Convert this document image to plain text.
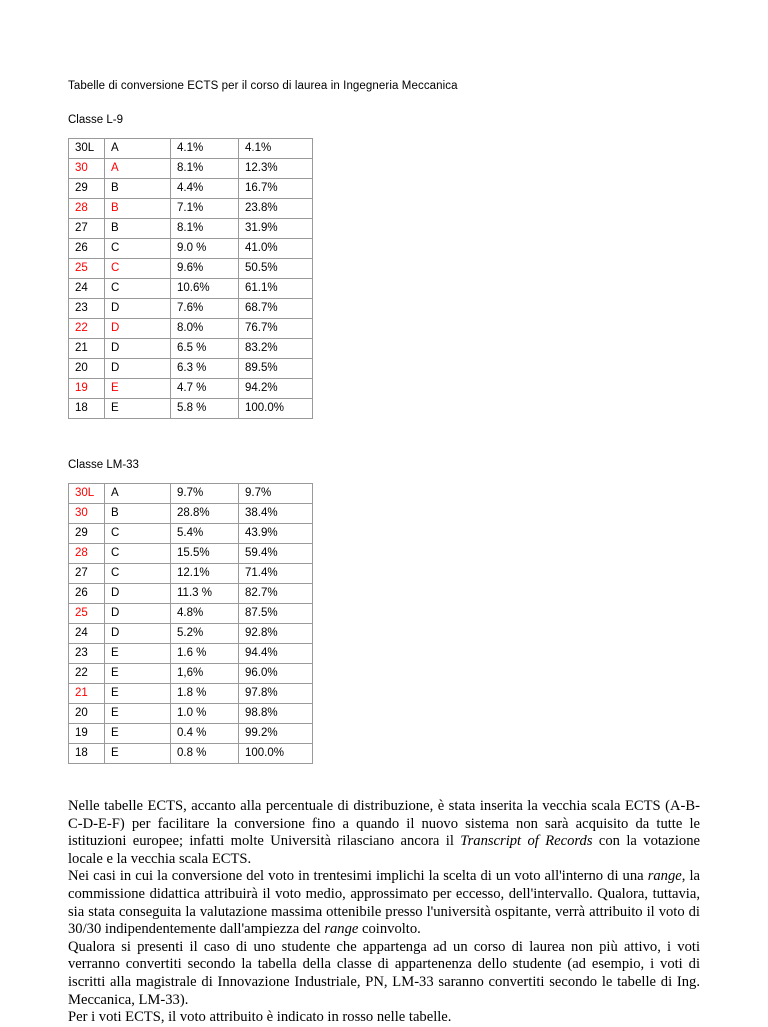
Tabelle di conversione ECTS per il corso di laurea in Ingegneria Meccanica
Classe L-9
30L	A	4.1%	4.1%
30	A	8.1%	12.3%
29	B	4.4%	16.7%
28	B	7.1%	23.8%
27	B	8.1%	31.9%
26	C	9.0 %	41.0%
25	C	9.6%	50.5%
24	C	10.6%	61.1%
23	D	7.6%	68.7%
22	D	8.0%	76.7%
21	D	6.5 %	83.2%
20	D	6.3 %	89.5%
19	E	4.7 %	94.2%
18	E	5.8 %	100.0%
Classe LM-33
30L	A	9.7%	9.7%
30	B	28.8%	38.4%
29	C	5.4%	43.9%
28	C	15.5%	59.4%
27	C	12.1%	71.4%
26	D	11.3 %	82.7%
25	D	4.8%	87.5%
24	D	5.2%	92.8%
23	E	1.6 %	94.4%
22	E	1,6%	96.0%
21	E	1.8 %	97.8%
20	E	1.0 %	98.8%
19	E	0.4 %	99.2%
18	E	0.8 %	100.0%

Nelle tabelle ECTS, accanto alla percentuale di distribuzione, è stata inserita la vecchia scala ECTS (A-B-C-D-E-F) per facilitare la conversione fino a quando il nuovo sistema non sarà acquisito da tutte le istituzioni europee; infatti molte Università rilasciano ancora il Transcript of Records con la votazione locale e la vecchia scala ECTS.

Nei casi in cui la conversione del voto in trentesimi implichi la scelta di un voto all'interno di una range, la commissione didattica attribuirà il voto medio, approssimato per eccesso, dell'intervallo. Qualora, tuttavia, sia stata conseguita la valutazione massima ottenibile presso l'università ospitante, verrà attribuito il voto di 30/30 indipendentemente dall'ampiezza del range coinvolto.

Qualora si presenti il caso di uno studente che appartenga ad un corso di laurea non più attivo, i voti verranno convertiti secondo la tabella della classe di appartenenza dello studente (ad esempio, i voti di iscritti alla magistrale di Innovazione Industriale, PN, LM-33 saranno convertiti secondo le tabelle di Ing. Meccanica, LM-33).

Per i voti ECTS, il voto attribuito è indicato in rosso nelle tabelle.
